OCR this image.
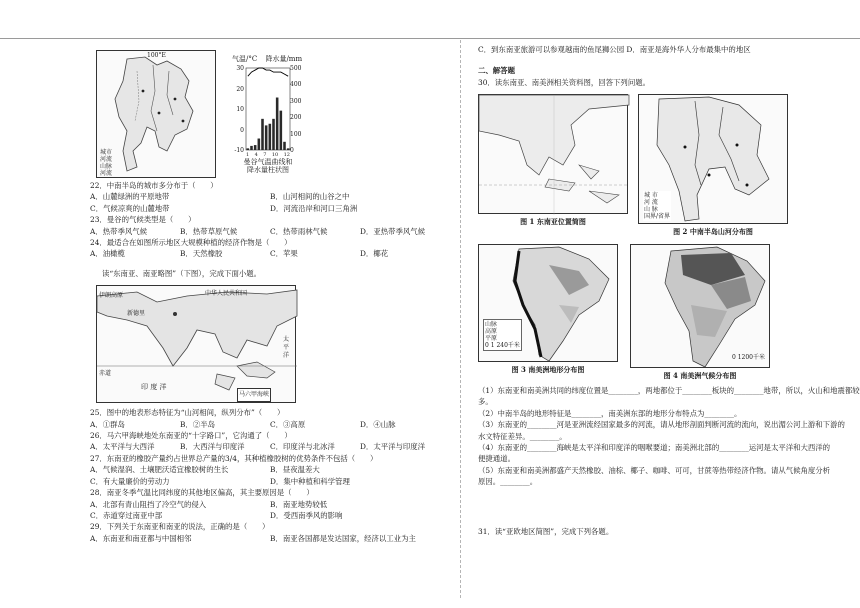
100°E
城市
河流
山脉
河流
气温/°C 降水量/mm
30
20
10
0
-10
500
400
300
200
100
0
1 4 7 10 12
曼谷气温曲线和
降水量柱状图
22．中南半岛的城市多分布于（　　）
A．山麓绿洲的平原地带	B．山河相间的山谷之中
C．气候凉爽的山麓地带	D．河流沿岸和河口三角洲
23．曼谷的气候类型是（　　）
A．热带季风气候	B．热带草原气候	C．热带雨林气候	D．亚热带季风气候
24．最适合在如图所示地区大规模种植的经济作物是（　　）
A．油橄榄	B．天然橡胶	C．苹果	D．椰花
读“东南亚、南亚略图”（下图），完成下面小题。
中华人民共和国
伊朗高原
新德里
赤道
印 度 洋
马六甲海峡
太平洋
25．图中的地表形态特征为“山河相间，纵列分布”（　　）
A．①群岛	B．②半岛	C．③高原	D．④山脉
26．马六甲海峡地处东南亚的“十字路口”，它沟通了（　　）
A．太平洋与大西洋	B．大西洋与印度洋	C．印度洋与北冰洋	D．太平洋与印度洋
27．东南亚的橡胶产量约占世界总产量的3/4，其种植橡胶树的优势条件不包括（　　）
A．气候湿润、土壤肥沃适宜橡胶树的生长	B．昼夜温差大
C．有大量廉价的劳动力	D．集中种植和科学管理
28．南亚冬季气温比同纬度的其他地区偏高，其主要原因是（　　）
A．北部有青山阻挡了冷空气的侵入	B．南亚地势较低
C．赤道穿过南亚中部	D．受西南季风的影响
29．下列关于东南亚和南亚的说法，正确的是（　　）
A．东南亚和南亚都与中国相邻	B．南亚各国都是发达国家，经济以工业为主
C．到东南亚旅游可以参观越南的鱼尾狮公园 D．南亚是海外华人分布最集中的地区
二、解答题
30．读东南亚、南美洲相关资料图，回答下列问题。
图 1 东南亚位置简图
城 市
河 流
山 脉
国界/省界
图 2 中南半岛山河分布图
山脉
高原
平原
0 1 240千米
图 3 南美洲地形分布图
0 1200千米
图 4 南美洲气候分布图
（1）东南亚和南美洲共同的纬度位置是________，两地都位于________板块的________地带，所以，火山和地震都较
多。
（2）中南半岛的地形特征是________，南美洲东部的地形分布特点为________。
（3）东南亚的________河是亚洲流经国家最多的河流，请从地形剖面判断河流的流向，说出湄公河上游和下游的
水文特征差异。________。
（4）东南亚的________海峡是太平洋和印度洋的咽喉要道；南美洲北部的________运河是太平洋和大西洋的
便捷通道。
（5）东南亚和南美洲都盛产天然橡胶、油棕、椰子、咖啡、可可，甘蔗等热带经济作物。请从气候角度分析
原因。________。
31．读“亚欧地区简图”，完成下列各题。
